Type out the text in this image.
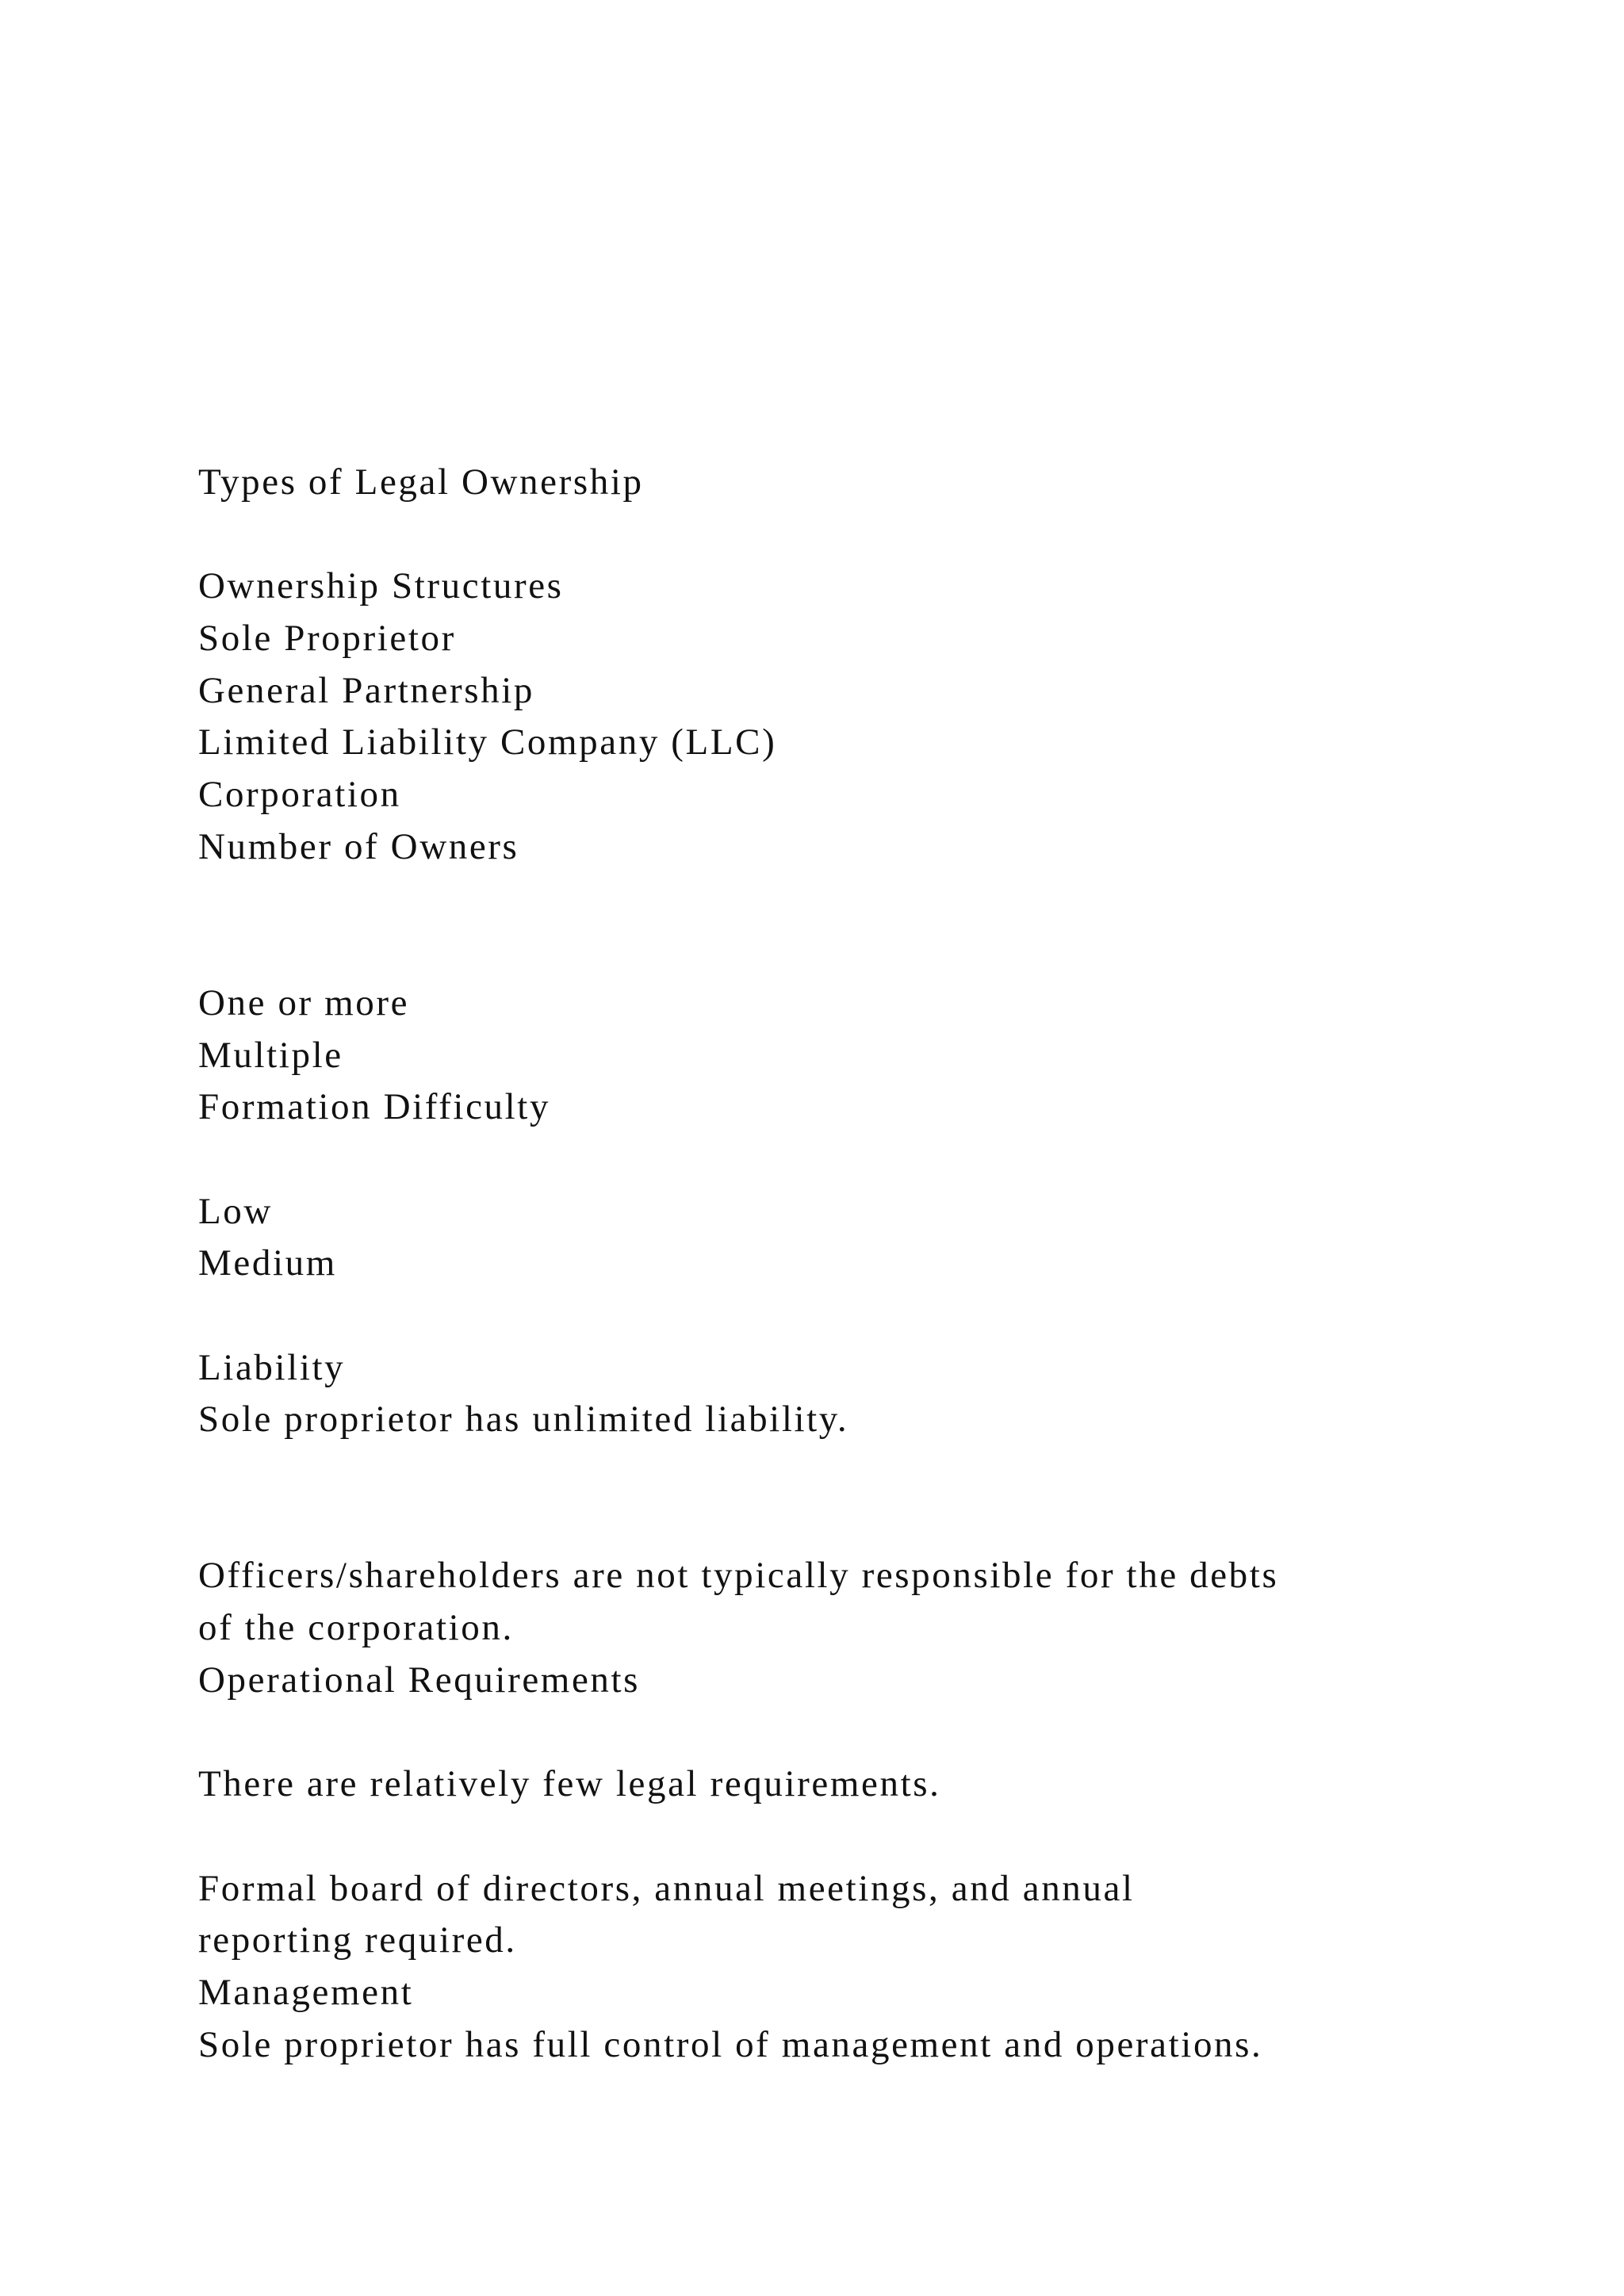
Types of Legal Ownership
Ownership Structures
Sole Proprietor
General Partnership
Limited Liability Company (LLC)
Corporation
Number of Owners
One or more
Multiple
Formation Difficulty
Low
Medium
Liability
Sole proprietor has unlimited liability.
Officers/shareholders are not typically responsible for the debts
of the corporation.
Operational Requirements
There are relatively few legal requirements.
Formal board of directors, annual meetings, and annual
reporting required.
Management
Sole proprietor has full control of management and operations.
